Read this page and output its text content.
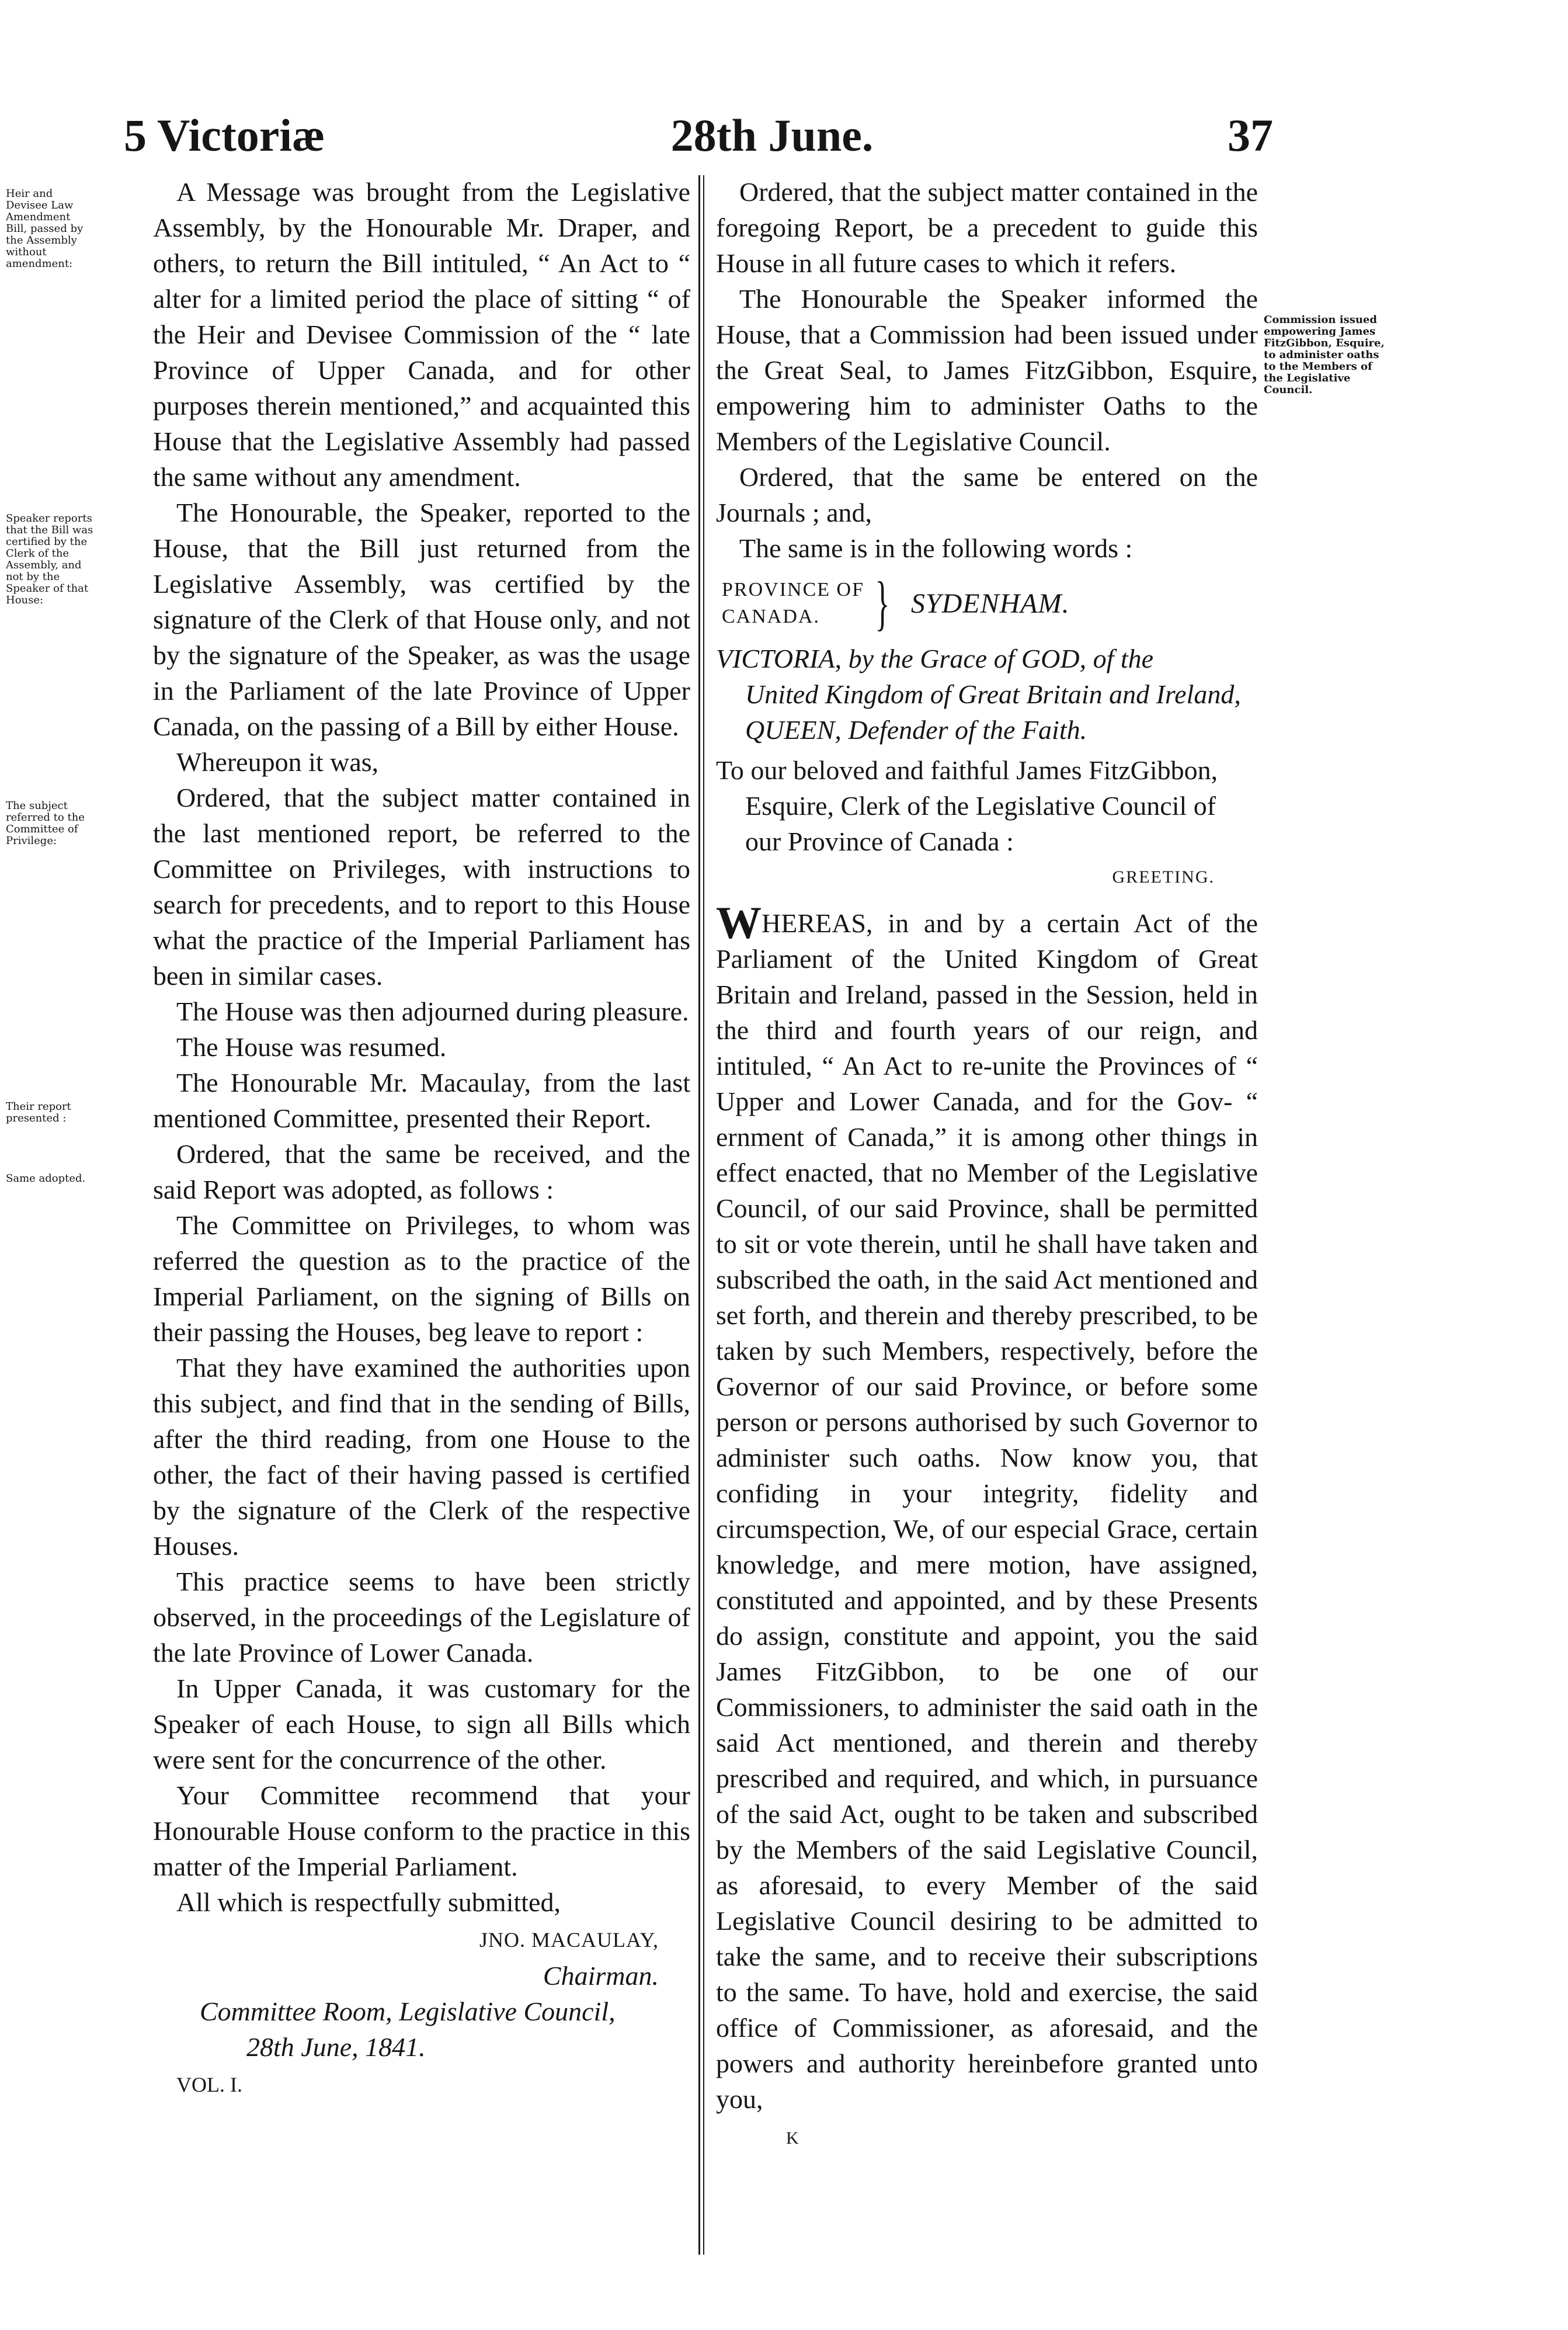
5 Victoriæ	28th June.	37
Heir and Devisee Law Amendment Bill, passed by the Assembly without amendment:
Speaker reports that the Bill was certified by the Clerk of the Assembly, and not by the Speaker of that House:
The subject referred to the Committee of Privilege:
Their report presented :
Same adopted.
Commission issued empowering James FitzGibbon, Esquire, to administer oaths to the Members of the Legislative Council.

A Message was brought from the Legislative Assembly, by the Honourable Mr. Draper, and others, to return the Bill intituled, “ An Act to “ alter for a limited period the place of sitting “ of the Heir and Devisee Commission of the “ late Province of Upper Canada, and for other purposes therein mentioned,” and acquainted this House that the Legislative Assembly had passed the same without any amendment.

The Honourable, the Speaker, reported to the House, that the Bill just returned from the Legislative Assembly, was certified by the signature of the Clerk of that House only, and not by the signature of the Speaker, as was the usage in the Parliament of the late Province of Upper Canada, on the passing of a Bill by either House.

Whereupon it was,

Ordered, that the subject matter contained in the last mentioned report, be referred to the Committee on Privileges, with instructions to search for precedents, and to report to this House what the practice of the Imperial Parliament has been in similar cases.

The House was then adjourned during pleasure.

The House was resumed.

The Honourable Mr. Macaulay, from the last mentioned Committee, presented their Report.

Ordered, that the same be received, and the said Report was adopted, as follows :

The Committee on Privileges, to whom was referred the question as to the practice of the Imperial Parliament, on the signing of Bills on their passing the Houses, beg leave to report :

That they have examined the authorities upon this subject, and find that in the sending of Bills, after the third reading, from one House to the other, the fact of their having passed is certified by the signature of the Clerk of the respective Houses.

This practice seems to have been strictly observed, in the proceedings of the Legislature of the late Province of Lower Canada.

In Upper Canada, it was customary for the Speaker of each House, to sign all Bills which were sent for the concurrence of the other.

Your Committee recommend that your Honourable House conform to the practice in this matter of the Imperial Parliament.

All which is respectfully submitted,

JNO. MACAULAY,

Chairman.

Committee Room, Legislative Council,

28th June, 1841.

VOL. I.

Ordered, that the subject matter contained in the foregoing Report, be a precedent to guide this House in all future cases to which it refers.

The Honourable the Speaker informed the House, that a Commission had been issued under the Great Seal, to James FitzGibbon, Esquire, empowering him to administer Oaths to the Members of the Legislative Council.

Ordered, that the same be entered on the Journals ; and,

The same is in the following words :

PROVINCE OF
CANADA. } SYDENHAM.

VICTORIA, by the Grace of GOD, of the
United Kingdom of Great Britain and Ireland, QUEEN, Defender of the Faith.

To our beloved and faithful James FitzGibbon,

Esquire, Clerk of the Legislative Council of our Province of Canada :

GREETING.

WHEREAS, in and by a certain Act of the Parliament of the United Kingdom of Great Britain and Ireland, passed in the Session, held in the third and fourth years of our reign, and intituled, “ An Act to re-unite the Provinces of “ Upper and Lower Canada, and for the Gov- “ ernment of Canada,” it is among other things in effect enacted, that no Member of the Legislative Council, of our said Province, shall be permitted to sit or vote therein, until he shall have taken and subscribed the oath, in the said Act mentioned and set forth, and therein and thereby prescribed, to be taken by such Members, respectively, before the Governor of our said Province, or before some person or persons authorised by such Governor to administer such oaths. Now know you, that confiding in your integrity, fidelity and circumspection, We, of our especial Grace, certain knowledge, and mere motion, have assigned, constituted and appointed, and by these Presents do assign, constitute and appoint, you the said James FitzGibbon, to be one of our Commissioners, to administer the said oath in the said Act mentioned, and therein and thereby prescribed and required, and which, in pursuance of the said Act, ought to be taken and subscribed by the Members of the said Legislative Council, as aforesaid, to every Member of the said Legislative Council desiring to be admitted to take the same, and to receive their subscriptions to the same. To have, hold and exercise, the said office of Commissioner, as aforesaid, and the powers and authority hereinbefore granted unto you,

K
